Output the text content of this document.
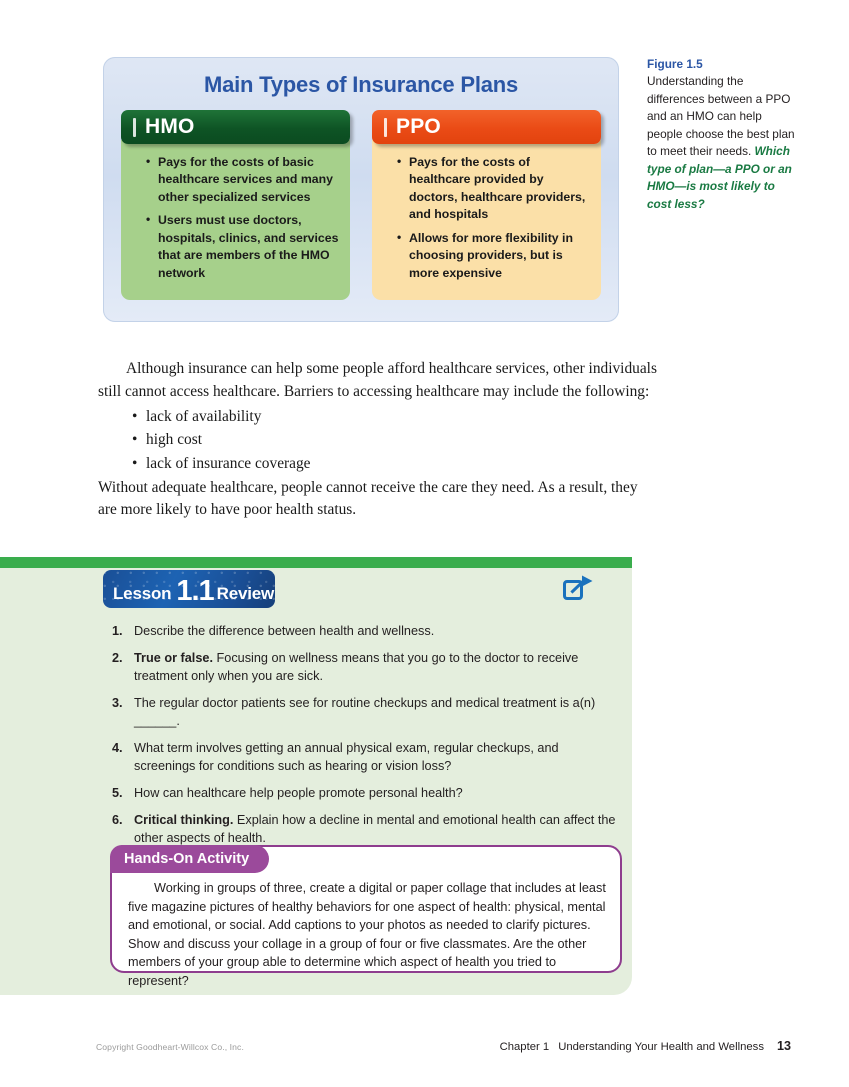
Main Types of Insurance Plans
HMO
• Pays for the costs of basic healthcare services and many other specialized services
• Users must use doctors, hospitals, clinics, and services that are members of the HMO network
PPO
• Pays for the costs of healthcare provided by doctors, healthcare providers, and hospitals
• Allows for more flexibility in choosing providers, but is more expensive
Figure 1.5
Understanding the differences between a PPO and an HMO can help people choose the best plan to meet their needs. Which type of plan—a PPO or an HMO—is most likely to cost less?

Although insurance can help some people afford healthcare services, other individuals still cannot access healthcare. Barriers to accessing healthcare may include the following:

• lack of availability
• high cost
• lack of insurance coverage

Without adequate healthcare, people cannot receive the care they need. As a result, they are more likely to have poor health status.

Lesson 1.1 Review
1. Describe the difference between health and wellness.
2. True or false. Focusing on wellness means that you go to the doctor to receive treatment only when you are sick.
3. The regular doctor patients see for routine checkups and medical treatment is a(n) ______.
4. What term involves getting an annual physical exam, regular checkups, and screenings for conditions such as hearing or vision loss?
5. How can healthcare help people promote personal health?
6. Critical thinking. Explain how a decline in mental and emotional health can affect the other aspects of health.
Hands-On Activity
Working in groups of three, create a digital or paper collage that includes at least five magazine pictures of healthy behaviors for one aspect of health: physical, mental and emotional, or social. Add captions to your photos as needed to clarify pictures. Show and discuss your collage in a group of four or five classmates. Are the other members of your group able to determine which aspect of health you tried to represent?
Copyright Goodheart-Willcox Co., Inc.	Chapter 1 Understanding Your Health and Wellness 13
